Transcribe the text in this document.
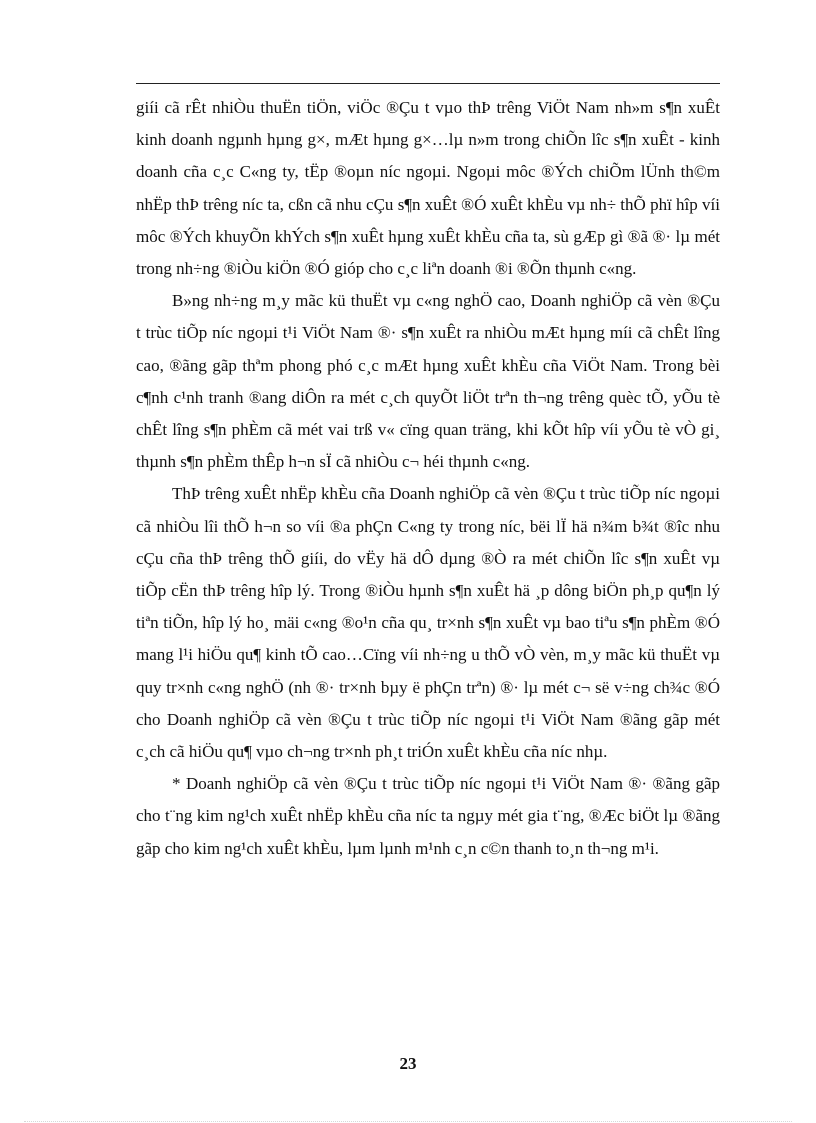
giíi cã rÊt nhiÒu thuËn tiÖn, viÖc ®Çu t vµo thÞ trêng ViÖt Nam nh»m s¶n xuÊt kinh doanh ngµnh hµng g×, mÆt hµng g×…lµ n»m trong chiÕn lîc s¶n xuÊt - kinh doanh cña c¸c C«ng ty, tËp ®oµn níc ngoµi. Ngoµi môc ®Ých chiÕm lÜnh th©m nhËp thÞ trêng níc ta, cßn cã nhu cÇu s¶n xuÊt ®Ó xuÊt khÈu vµ nh÷ thÕ phï hîp víi môc ®Ých khuyÕn khÝch s¶n xuÊt hµng xuÊt khÈu cña ta, sù gÆp gì ®ã ®· lµ mét trong nh÷ng ®iÒu kiÖn ®Ó gióp cho c¸c liªn doanh ®i ®Õn thµnh c«ng.

B»ng nh÷ng m¸y mãc kü thuËt vµ c«ng nghÖ cao, Doanh nghiÖp cã vèn ®Çu t trùc tiÕp níc ngoµi t¹i ViÖt Nam ®· s¶n xuÊt ra nhiÒu mÆt hµng míi cã chÊt lîng cao, ®ãng gãp thªm phong phó c¸c mÆt hµng xuÊt khÈu cña ViÖt Nam. Trong bèi c¶nh c¹nh tranh ®ang diÔn ra mét c¸ch quyÕt liÖt trªn th¬ng trêng quèc tÕ, yÕu tè chÊt lîng s¶n phÈm cã mét vai trß v« cïng quan träng, khi kÕt hîp víi yÕu tè vÒ gi¸ thµnh s¶n phÈm thÊp h¬n sÏ cã nhiÒu c¬ héi thµnh c«ng.

ThÞ trêng xuÊt nhËp khÈu cña Doanh nghiÖp cã vèn ®Çu t trùc tiÕp níc ngoµi cã nhiÒu lîi thÕ h¬n so víi ®a phÇn C«ng ty trong níc, bëi lÏ hä n¾m b¾t ®îc nhu cÇu cña thÞ trêng thÕ giíi, do vËy hä dÔ dµng ®Ò ra mét chiÕn lîc s¶n xuÊt vµ tiÕp cËn thÞ trêng hîp lý. Trong ®iÒu hµnh s¶n xuÊt hä ¸p dông biÖn ph¸p qu¶n lý tiªn tiÕn, hîp lý ho¸ mäi c«ng ®o¹n cña qu¸ tr×nh s¶n xuÊt vµ bao tiªu s¶n phÈm ®Ó mang l¹i hiÖu qu¶ kinh tÕ cao…Cïng víi nh÷ng u thÕ vÒ vèn, m¸y mãc kü thuËt vµ quy tr×nh c«ng nghÖ (nh ®· tr×nh bµy ë phÇn trªn) ®· lµ mét c¬ së v÷ng ch¾c ®Ó cho Doanh nghiÖp cã vèn ®Çu t trùc tiÕp níc ngoµi t¹i ViÖt Nam ®ãng gãp mét c¸ch cã hiÖu qu¶ vµo ch¬ng tr×nh ph¸t triÓn xuÊt khÈu cña níc nhµ.

* Doanh nghiÖp cã vèn ®Çu t trùc tiÕp níc ngoµi t¹i ViÖt Nam ®· ®ãng gãp cho t¨ng kim ng¹ch xuÊt nhËp khÈu cña níc ta ngµy mét gia t¨ng, ®Æc biÖt lµ ®ãng gãp cho kim ng¹ch xuÊt khÈu, lµm lµnh m¹nh c¸n c©n thanh to¸n th¬ng m¹i.

23
